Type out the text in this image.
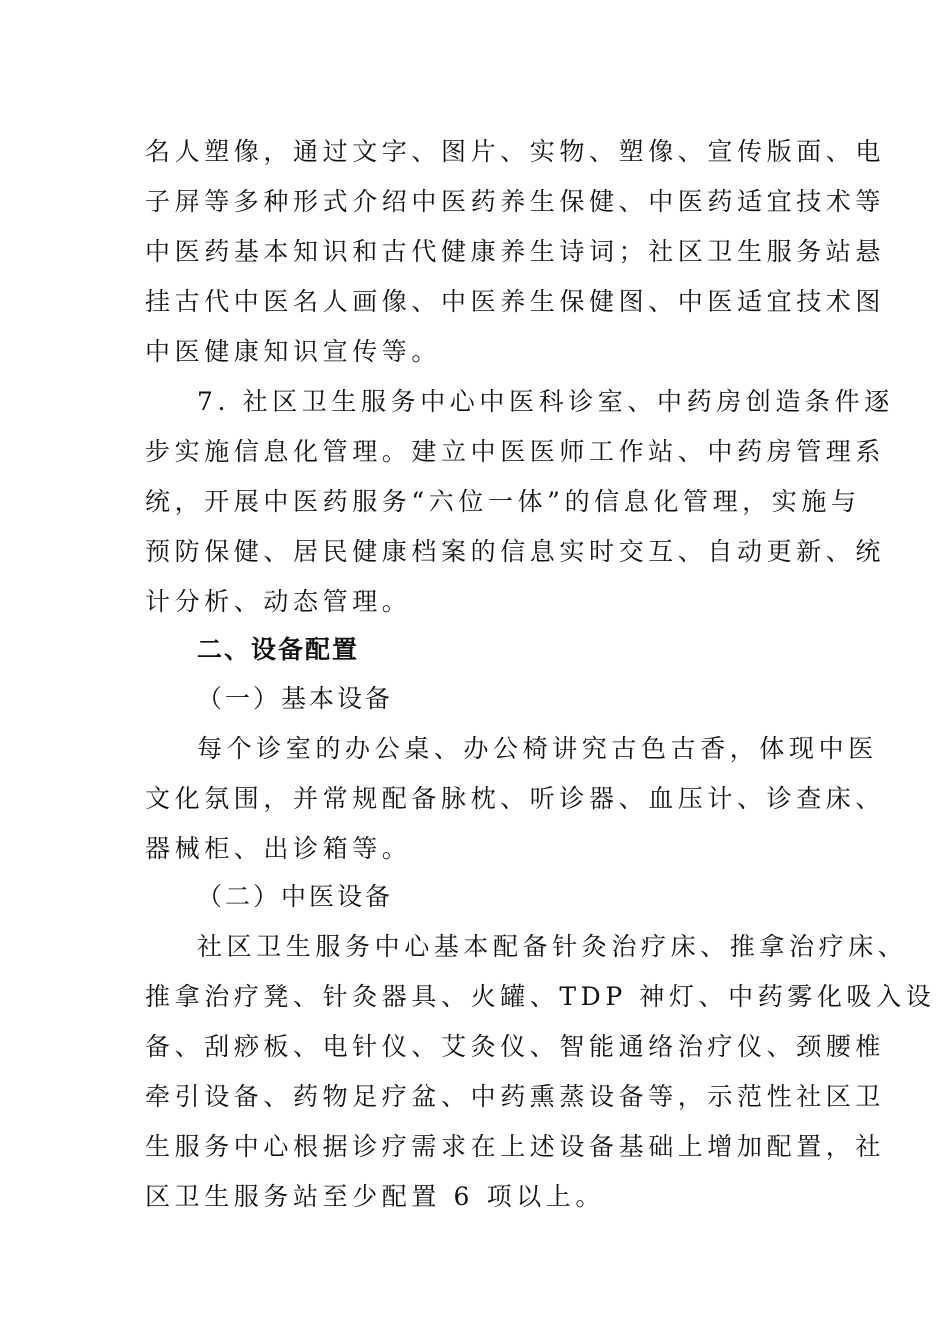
名人塑像，通过文字、图片、实物、塑像、宣传版面、电
子屏等多种形式介绍中医药养生保健、中医药适宜技术等
中医药基本知识和古代健康养生诗词；社区卫生服务站悬
挂古代中医名人画像、中医养生保健图、中医适宜技术图
中医健康知识宣传等。
7. 社区卫生服务中心中医科诊室、中药房创造条件逐
步实施信息化管理。建立中医医师工作站、中药房管理系
统，开展中医药服务“六位一体”的信息化管理，实施与
预防保健、居民健康档案的信息实时交互、自动更新、统
计分析、动态管理。
二、设备配置
（一）基本设备
每个诊室的办公桌、办公椅讲究古色古香，体现中医
文化氛围，并常规配备脉枕、听诊器、血压计、诊查床、
器械柜、出诊箱等。
（二）中医设备
社区卫生服务中心基本配备针灸治疗床、推拿治疗床、
推拿治疗凳、针灸器具、火罐、TDP 神灯、中药雾化吸入设
备、刮痧板、电针仪、艾灸仪、智能通络治疗仪、颈腰椎
牵引设备、药物足疗盆、中药熏蒸设备等，示范性社区卫
生服务中心根据诊疗需求在上述设备基础上增加配置，社
区卫生服务站至少配置 6 项以上。
